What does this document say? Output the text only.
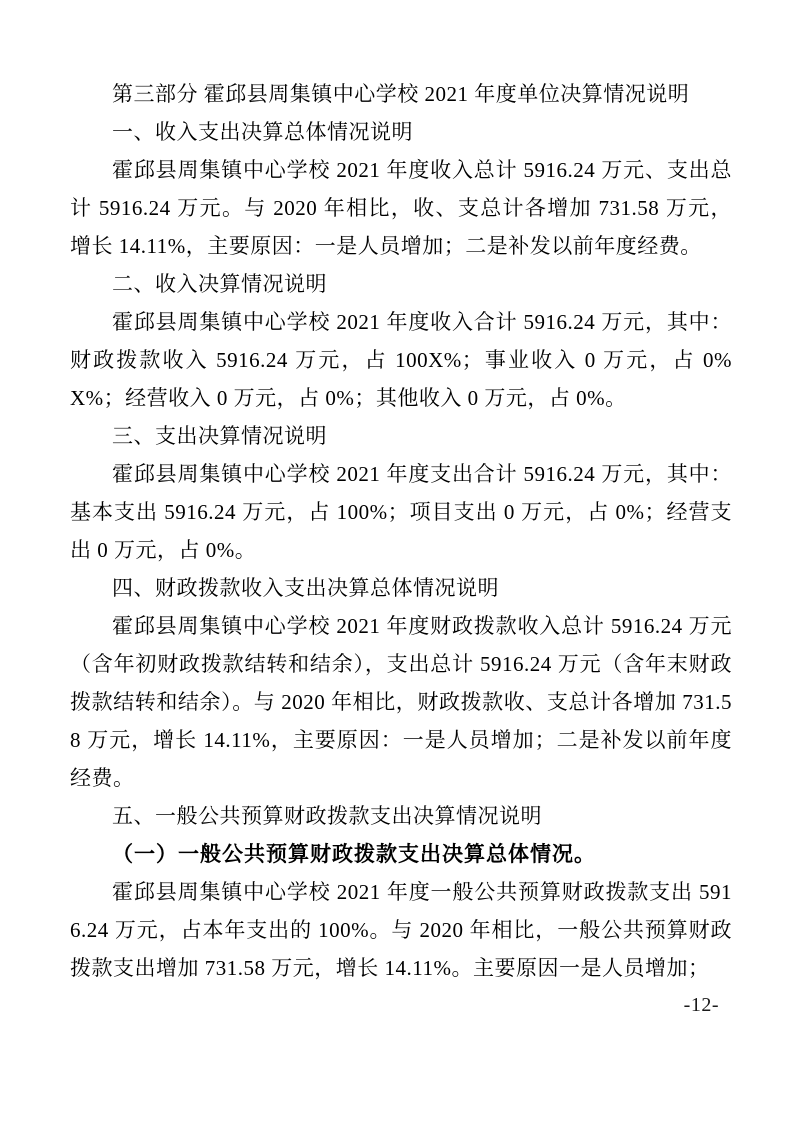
第三部分 霍邱县周集镇中心学校 2021 年度单位决算情况说明

一、收入支出决算总体情况说明

霍邱县周集镇中心学校 2021 年度收入总计 5916.24 万元、支出总计 5916.24 万元。与 2020 年相比，收、支总计各增加 731.58 万元，增长 14.11%，主要原因：一是人员增加；二是补发以前年度经费。

二、收入决算情况说明

霍邱县周集镇中心学校 2021 年度收入合计 5916.24 万元，其中：财政拨款收入 5916.24 万元，占 100X%；事业收入 0 万元，占 0%X%；经营收入 0 万元，占 0%；其他收入 0 万元，占 0%。

三、支出决算情况说明

霍邱县周集镇中心学校 2021 年度支出合计 5916.24 万元，其中：基本支出 5916.24 万元，占 100%；项目支出 0 万元，占 0%；经营支出 0 万元，占 0%。

四、财政拨款收入支出决算总体情况说明

霍邱县周集镇中心学校 2021 年度财政拨款收入总计 5916.24 万元（含年初财政拨款结转和结余），支出总计 5916.24 万元（含年末财政拨款结转和结余）。与 2020 年相比，财政拨款收、支总计各增加 731.58 万元，增长 14.11%，主要原因：一是人员增加；二是补发以前年度经费。

五、一般公共预算财政拨款支出决算情况说明

（一）一般公共预算财政拨款支出决算总体情况。

霍邱县周集镇中心学校 2021 年度一般公共预算财政拨款支出 5916.24 万元，占本年支出的 100%。与 2020 年相比，一般公共预算财政拨款支出增加 731.58 万元，增长 14.11%。主要原因一是人员增加；

-12-
